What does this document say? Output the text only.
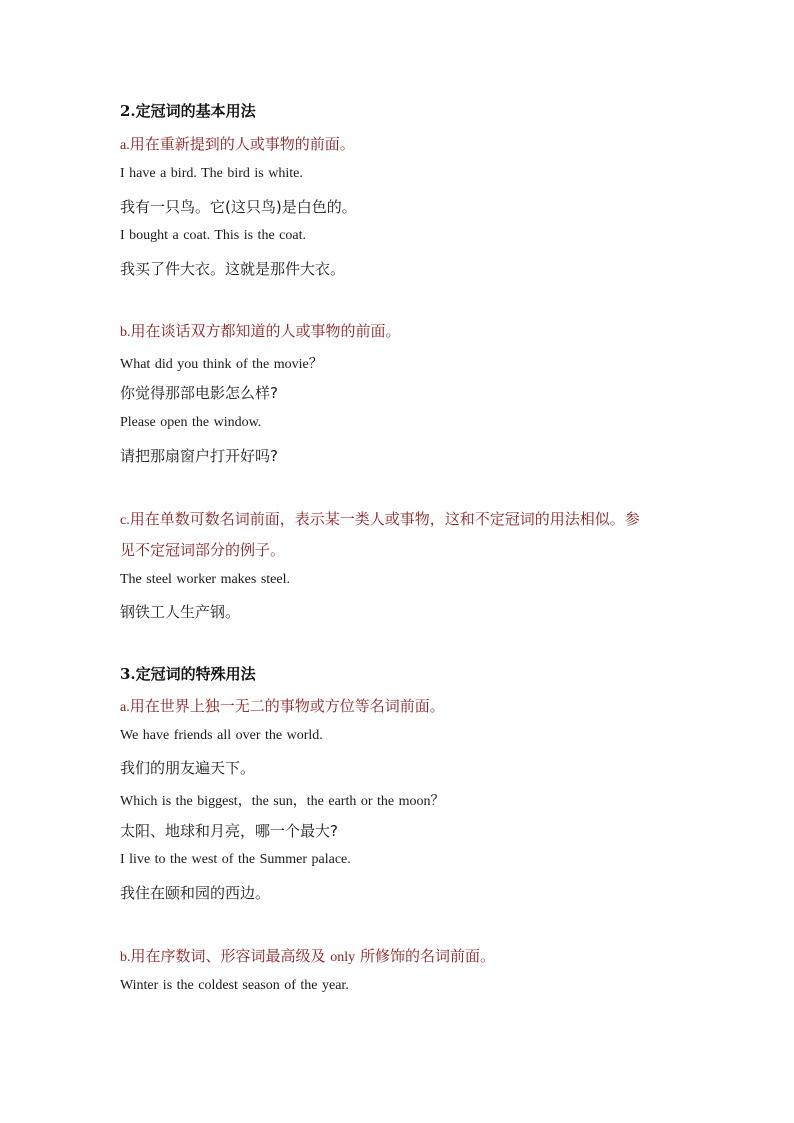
2.定冠词的基本用法
a.用在重新提到的人或事物的前面。
I have a bird. The bird is white.
我有一只鸟。它(这只鸟)是白色的。
I bought a coat. This is the coat.
我买了件大衣。这就是那件大衣。
b.用在谈话双方都知道的人或事物的前面。
What did you think of the movie？
你觉得那部电影怎么样?
Please open the window.
请把那扇窗户打开好吗?
c.用在单数可数名词前面，表示某一类人或事物，这和不定冠词的用法相似。参
见不定冠词部分的例子。
The steel worker makes steel.
钢铁工人生产钢。
3.定冠词的特殊用法
a.用在世界上独一无二的事物或方位等名词前面。
We have friends all over the world.
我们的朋友遍天下。
Which is the biggest，the sun，the earth or the moon？
太阳、地球和月亮，哪一个最大?
I live to the west of the Summer palace.
我住在颐和园的西边。
b.用在序数词、形容词最高级及 only 所修饰的名词前面。
Winter is the coldest season of the year.
